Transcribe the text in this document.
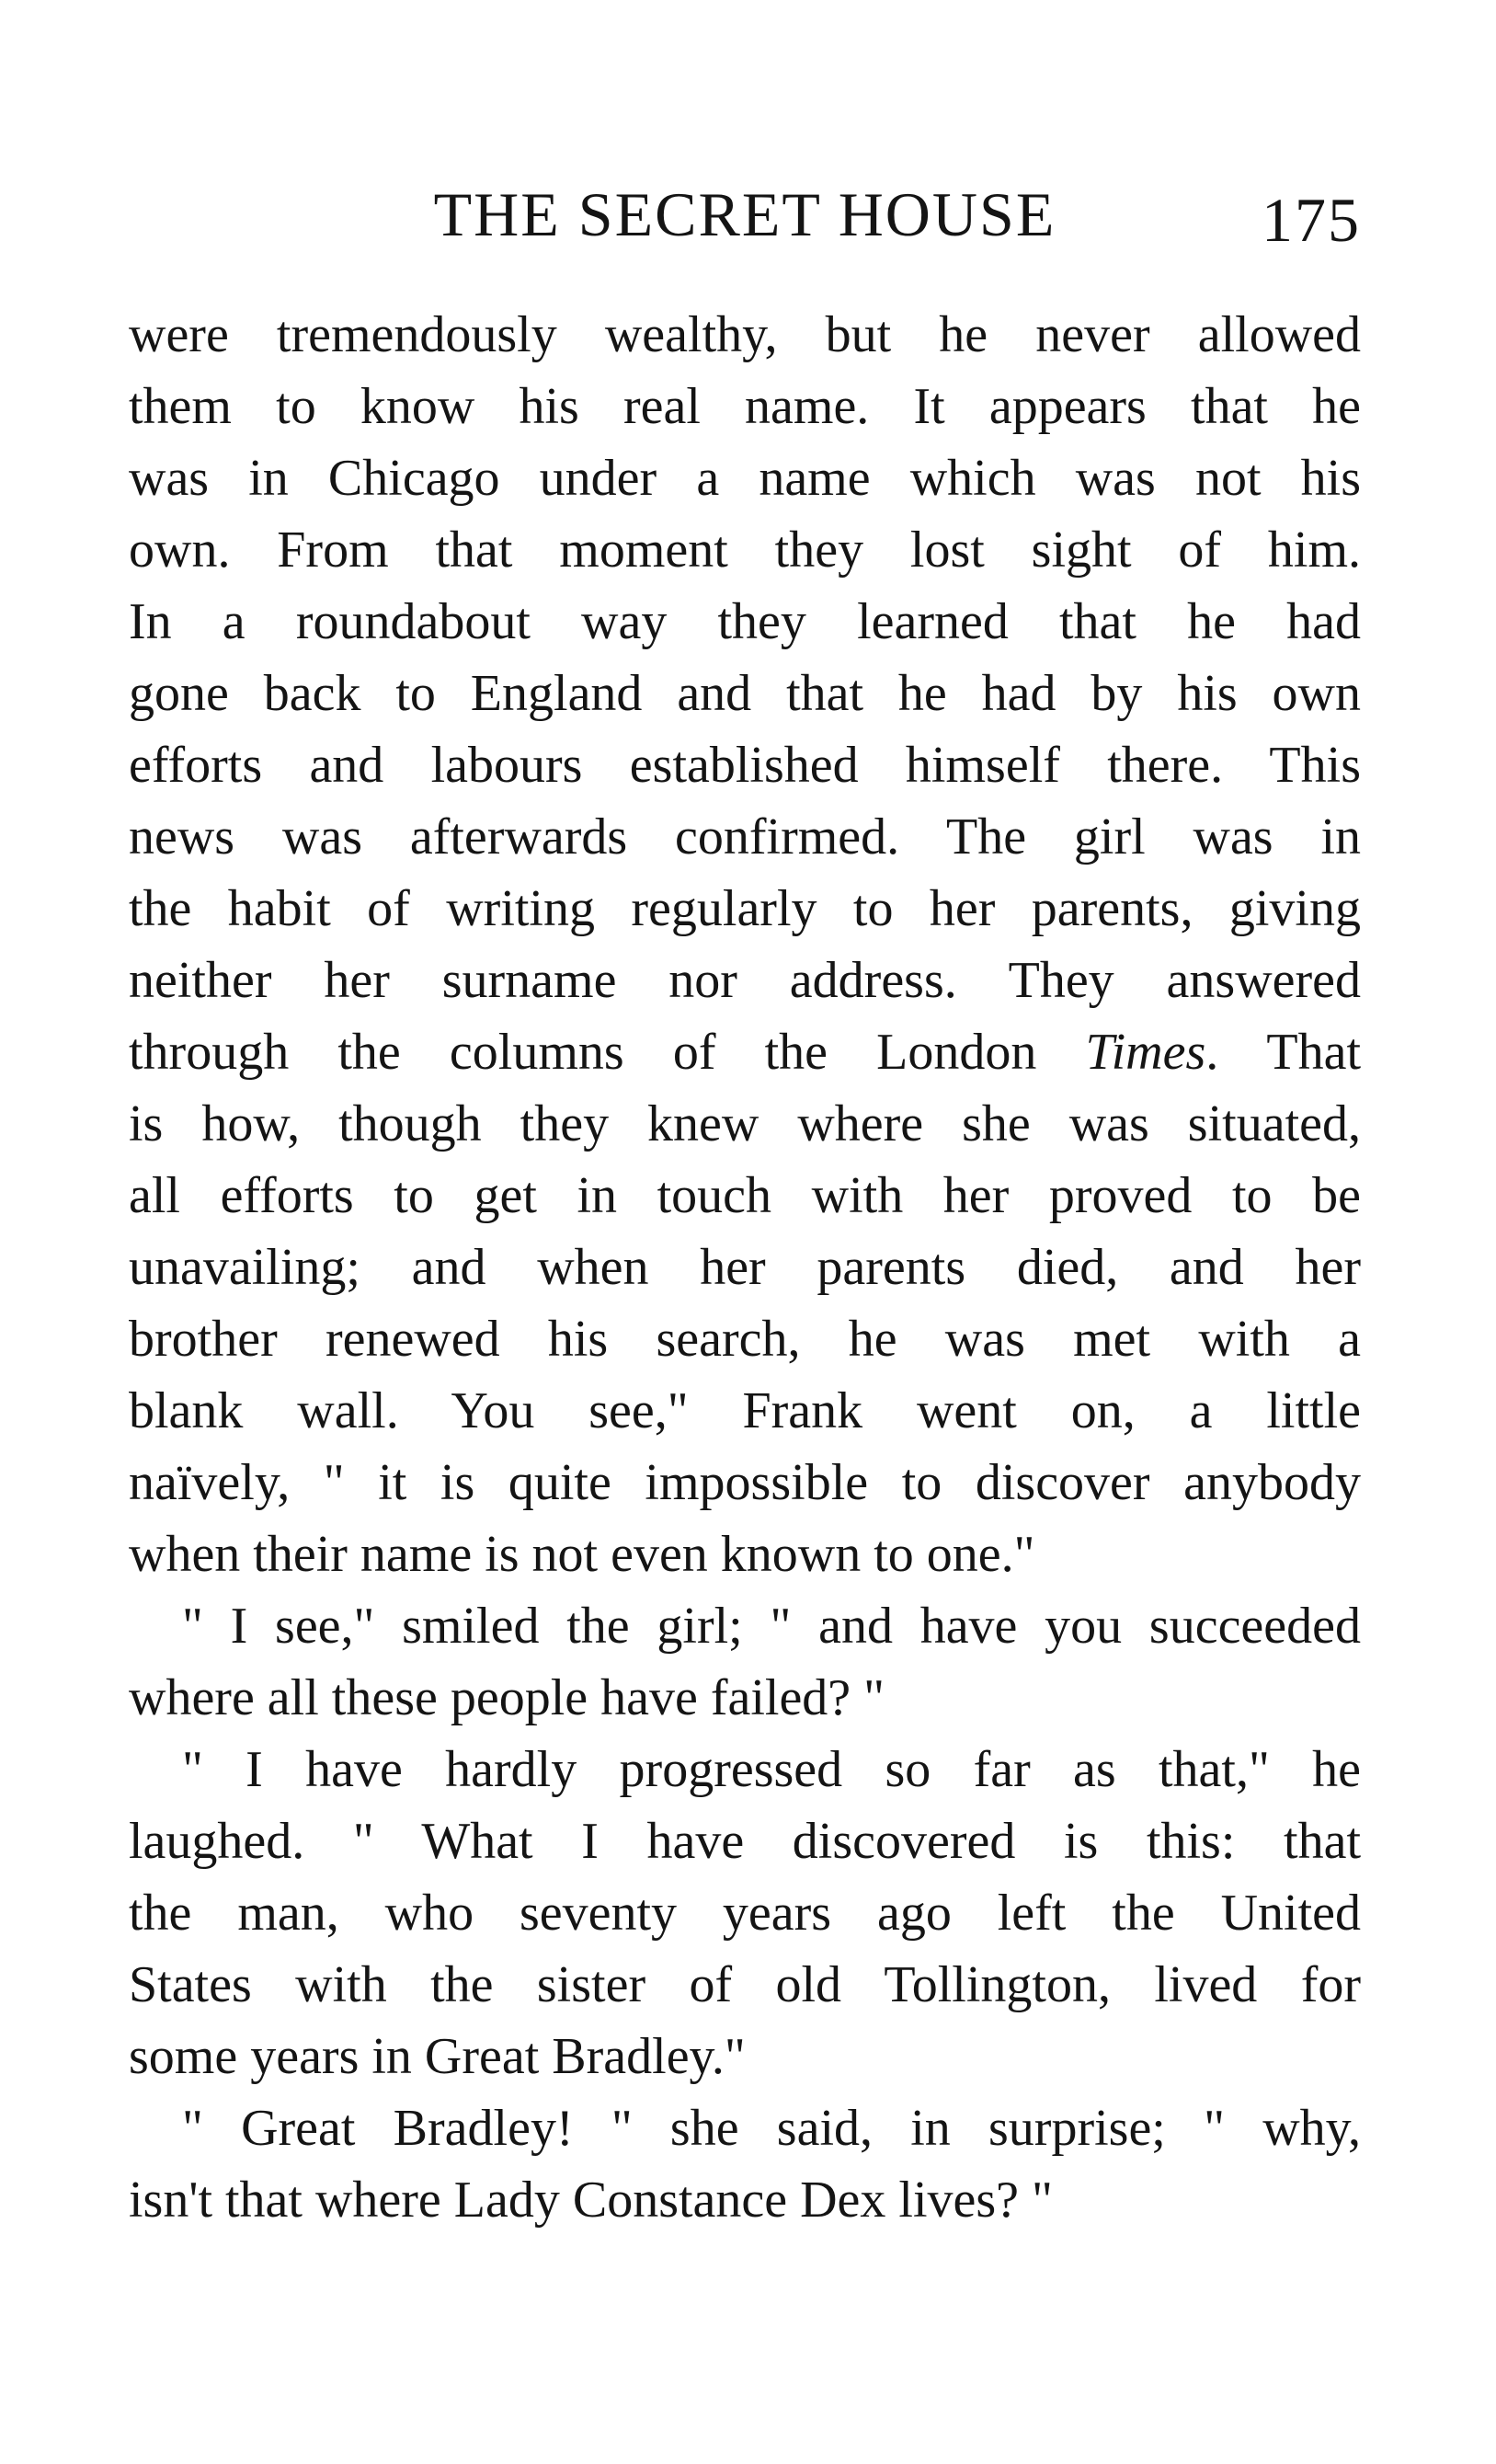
THE SECRET HOUSE	175
were tremendously wealthy, but he never allowed
them to know his real name. It appears that he
was in Chicago under a name which was not his
own. From that moment they lost sight of him.
In a roundabout way they learned that he had
gone back to England and that he had by his own
efforts and labours established himself there. This
news was afterwards confirmed. The girl was in
the habit of writing regularly to her parents, giving
neither her surname nor address. They answered
through the columns of the London Times. That
is how, though they knew where she was situated,
all efforts to get in touch with her proved to be
unavailing; and when her parents died, and her
brother renewed his search, he was met with a
blank wall. You see," Frank went on, a little
naïvely, " it is quite impossible to discover anybody
when their name is not even known to one."
" I see," smiled the girl; " and have you succeeded
where all these people have failed? "
" I have hardly progressed so far as that," he
laughed. " What I have discovered is this: that
the man, who seventy years ago left the United
States with the sister of old Tollington, lived for
some years in Great Bradley."
" Great Bradley! " she said, in surprise; " why,
isn't that where Lady Constance Dex lives? "
